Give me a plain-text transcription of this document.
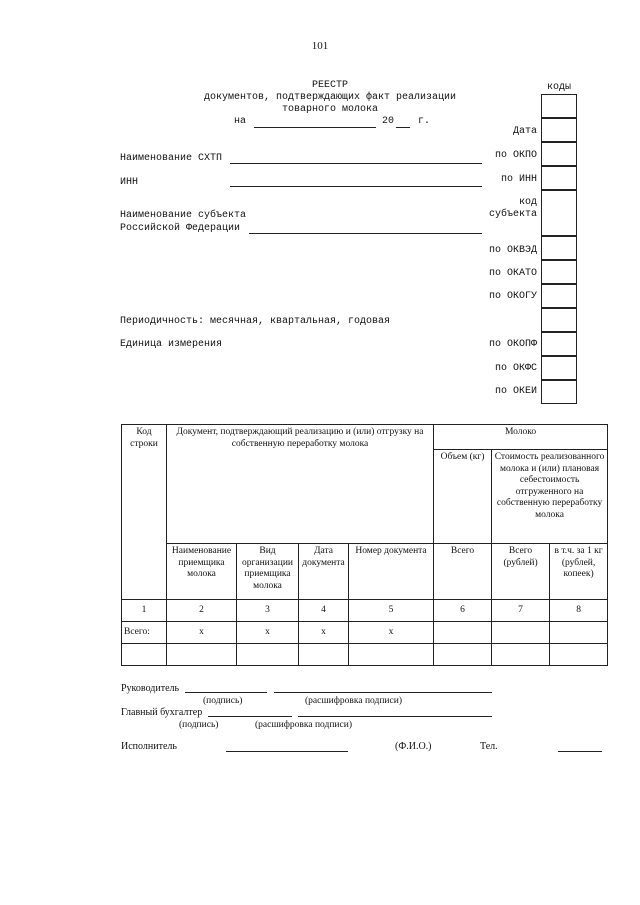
101
РЕЕСТР
документов, подтверждающих факт реализации
товарного молока
на	20 г.
коды
Дата
по ОКПО
по ИНН
код
субъекта
по ОКВЭД
по ОКАТО
по ОКОГУ
по ОКОПФ
по ОКФС
по ОКЕИ
Наименование СХТП
ИНН
Наименование субъекта
Российской Федерации
Периодичность: месячная, квартальная, годовая
Единица измерения
Код строки	Документ, подтверждающий реализацию и (или) отгрузку на собственную переработку молока				Молоко		
					Объем (кг)	Стоимость реализованного молока и (или) плановая себестоимость отгруженного на собственную переработку молока	
	Наименование приемщика молока	Вид организации приемщика молока	Дата документа	Номер документа	Всего	Всего (рублей)	в т.ч. за 1 кг (рублей, копеек)
1	2	3	4	5	6	7	8
Всего:	x	x	x	x			

Руководитель
(подпись)	(расшифровка подписи)
Главный бухгалтер
(подпись)	(расшифровка подписи)
Исполнитель	(Ф.И.О.)	Тел.
